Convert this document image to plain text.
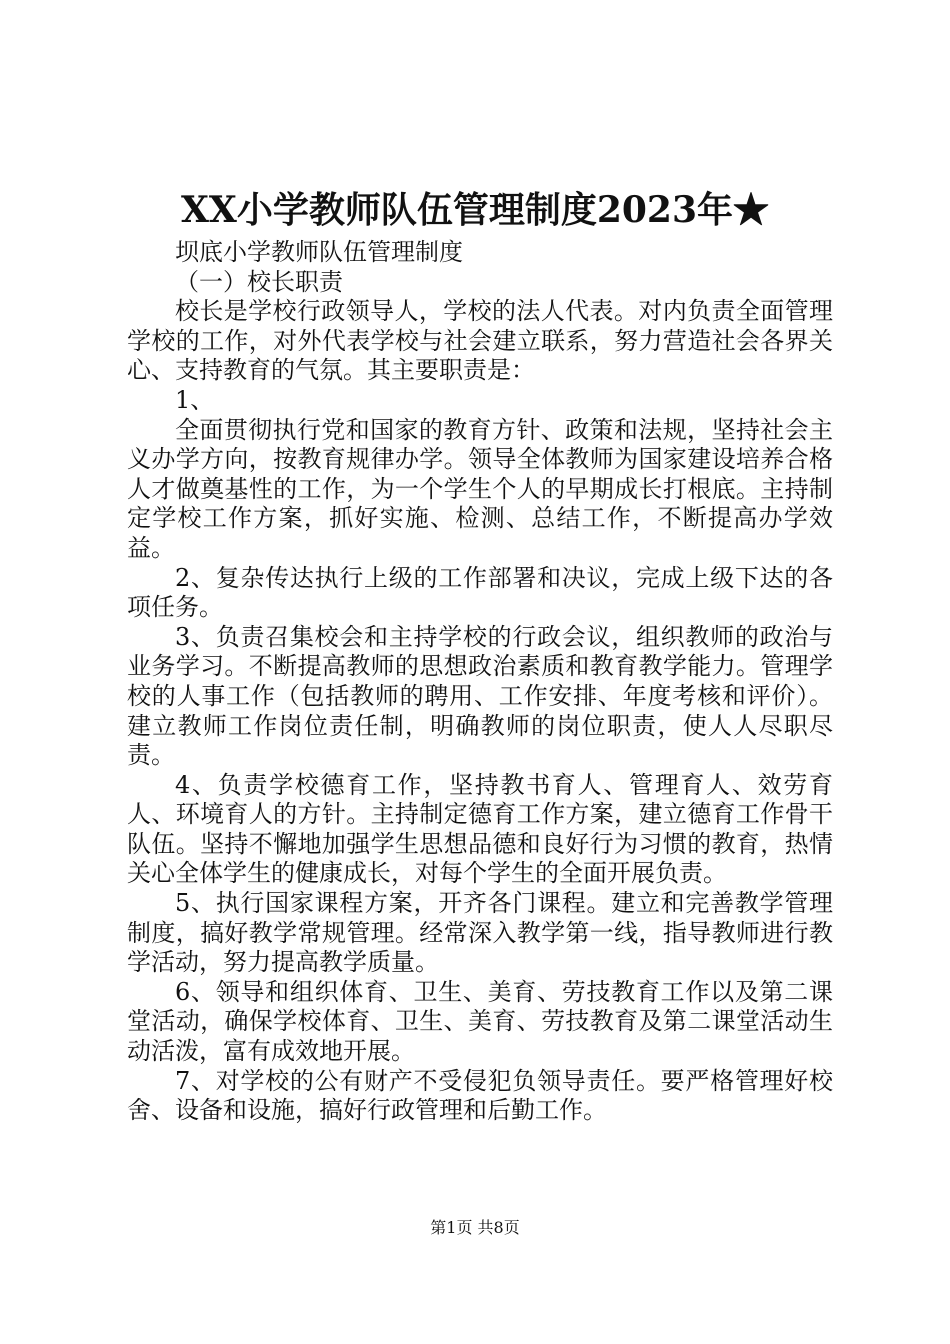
XX小学教师队伍管理制度2023年★

坝底小学教师队伍管理制度

（一）校长职责

校长是学校行政领导人，学校的法人代表。对内负责全面管理学校的工作，对外代表学校与社会建立联系，努力营造社会各界关心、支持教育的气氛。其主要职责是：

1、

全面贯彻执行党和国家的教育方针、政策和法规，坚持社会主义办学方向，按教育规律办学。领导全体教师为国家建设培养合格人才做奠基性的工作，为一个学生个人的早期成长打根底。主持制定学校工作方案，抓好实施、检测、总结工作，不断提高办学效益。

2、复杂传达执行上级的工作部署和决议，完成上级下达的各项任务。

3、负责召集校会和主持学校的行政会议，组织教师的政治与业务学习。不断提高教师的思想政治素质和教育教学能力。管理学校的人事工作（包括教师的聘用、工作安排、年度考核和评价）。建立教师工作岗位责任制，明确教师的岗位职责，使人人尽职尽责。

4、负责学校德育工作，坚持教书育人、管理育人、效劳育人、环境育人的方针。主持制定德育工作方案，建立德育工作骨干队伍。坚持不懈地加强学生思想品德和良好行为习惯的教育，热情关心全体学生的健康成长，对每个学生的全面开展负责。

5、执行国家课程方案，开齐各门课程。建立和完善教学管理制度，搞好教学常规管理。经常深入教学第一线，指导教师进行教学活动，努力提高教学质量。

6、领导和组织体育、卫生、美育、劳技教育工作以及第二课堂活动，确保学校体育、卫生、美育、劳技教育及第二课堂活动生动活泼，富有成效地开展。

7、对学校的公有财产不受侵犯负领导责任。要严格管理好校舍、设备和设施，搞好行政管理和后勤工作。

第1页 共8页
